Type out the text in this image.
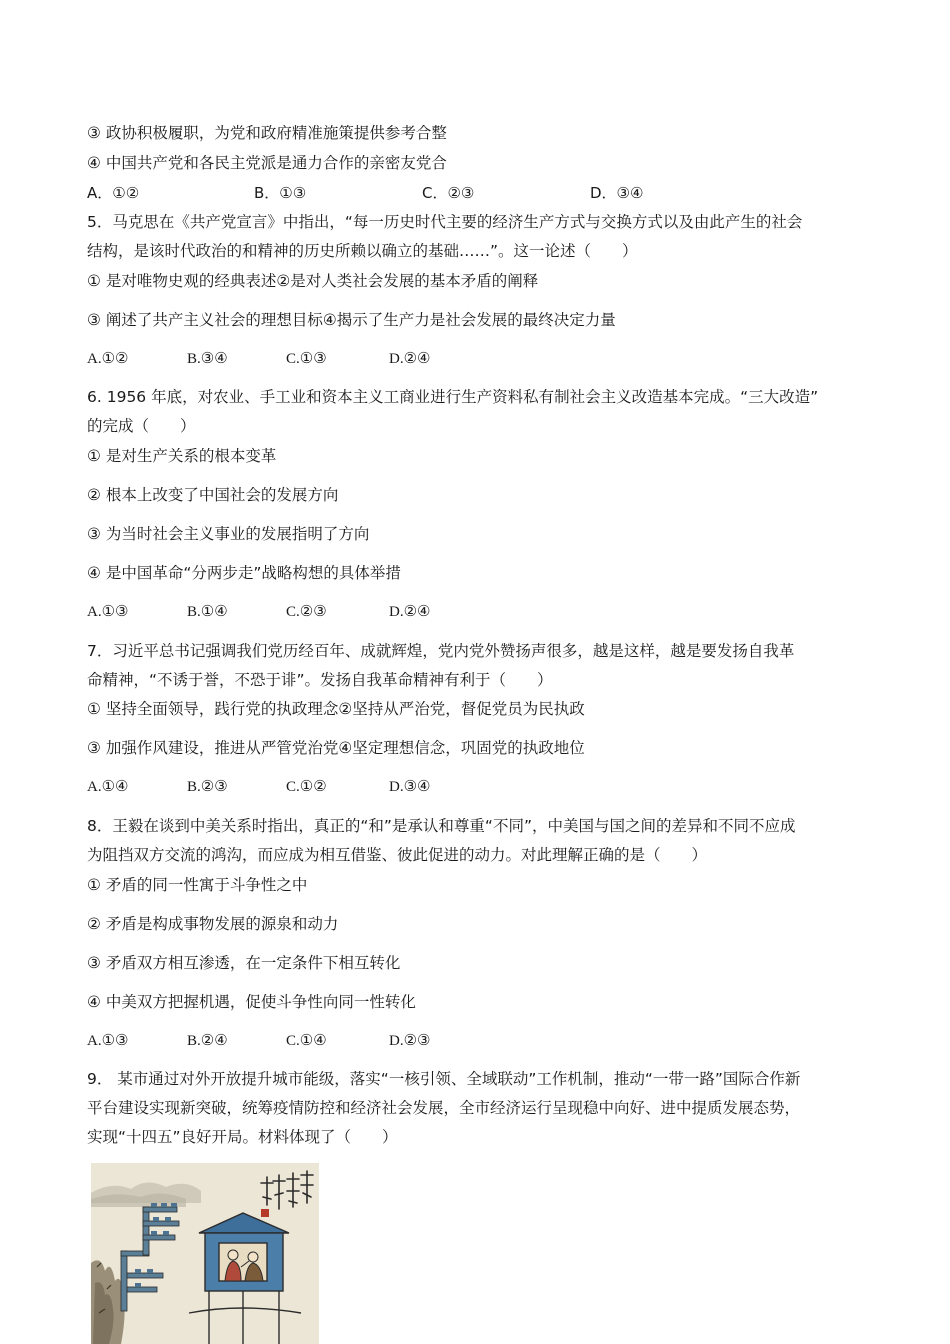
③ 政协积极履职，为党和政府精准施策提供参考合整
④ 中国共产党和各民主党派是通力合作的亲密友党合
A．①②	B．①③	C．②③	D．③④
5．马克思在《共产党宣言》中指出，“每一历史时代主要的经济生产方式与交换方式以及由此产生的社会
结构，是该时代政治的和精神的历史所赖以确立的基础……”。这一论述（　　）
① 是对唯物史观的经典表述②是对人类社会发展的基本矛盾的阐释
③ 阐述了共产主义社会的理想目标④揭示了生产力是社会发展的最终决定力量
A.①②	B.③④	C.①③	D.②④
6. 1956 年底，对农业、手工业和资本主义工商业进行生产资料私有制社会主义改造基本完成。“三大改造”
的完成（　　）
① 是对生产关系的根本变革
② 根本上改变了中国社会的发展方向
③ 为当时社会主义事业的发展指明了方向
④ 是中国革命“分两步走”战略构想的具体举措
A.①③	B.①④	C.②③	D.②④
7．习近平总书记强调我们党历经百年、成就辉煌，党内党外赞扬声很多，越是这样，越是要发扬自我革
命精神，“不诱于誉，不恐于诽”。发扬自我革命精神有利于（　　）
① 坚持全面领导，践行党的执政理念②坚持从严治党，督促党员为民执政
③ 加强作风建设，推进从严管党治党④坚定理想信念，巩固党的执政地位
A.①④	B.②③	C.①②	D.③④
8．王毅在谈到中美关系时指出，真正的“和”是承认和尊重“不同”，中美国与国之间的差异和不同不应成
为阻挡双方交流的鸿沟，而应成为相互借鉴、彼此促进的动力。对此理解正确的是（　　）
① 矛盾的同一性寓于斗争性之中
② 矛盾是构成事物发展的源泉和动力
③ 矛盾双方相互渗透，在一定条件下相互转化
④ 中美双方把握机遇，促使斗争性向同一性转化
A.①③	B.②④	C.①④	D.②③
9． 某市通过对外开放提升城市能级，落实“一核引领、全域联动”工作机制，推动“一带一路”国际合作新
平台建设实现新突破，统筹疫情防控和经济社会发展，全市经济运行呈现稳中向好、进中提质发展态势，
实现“十四五”良好开局。材料体现了（　　）
